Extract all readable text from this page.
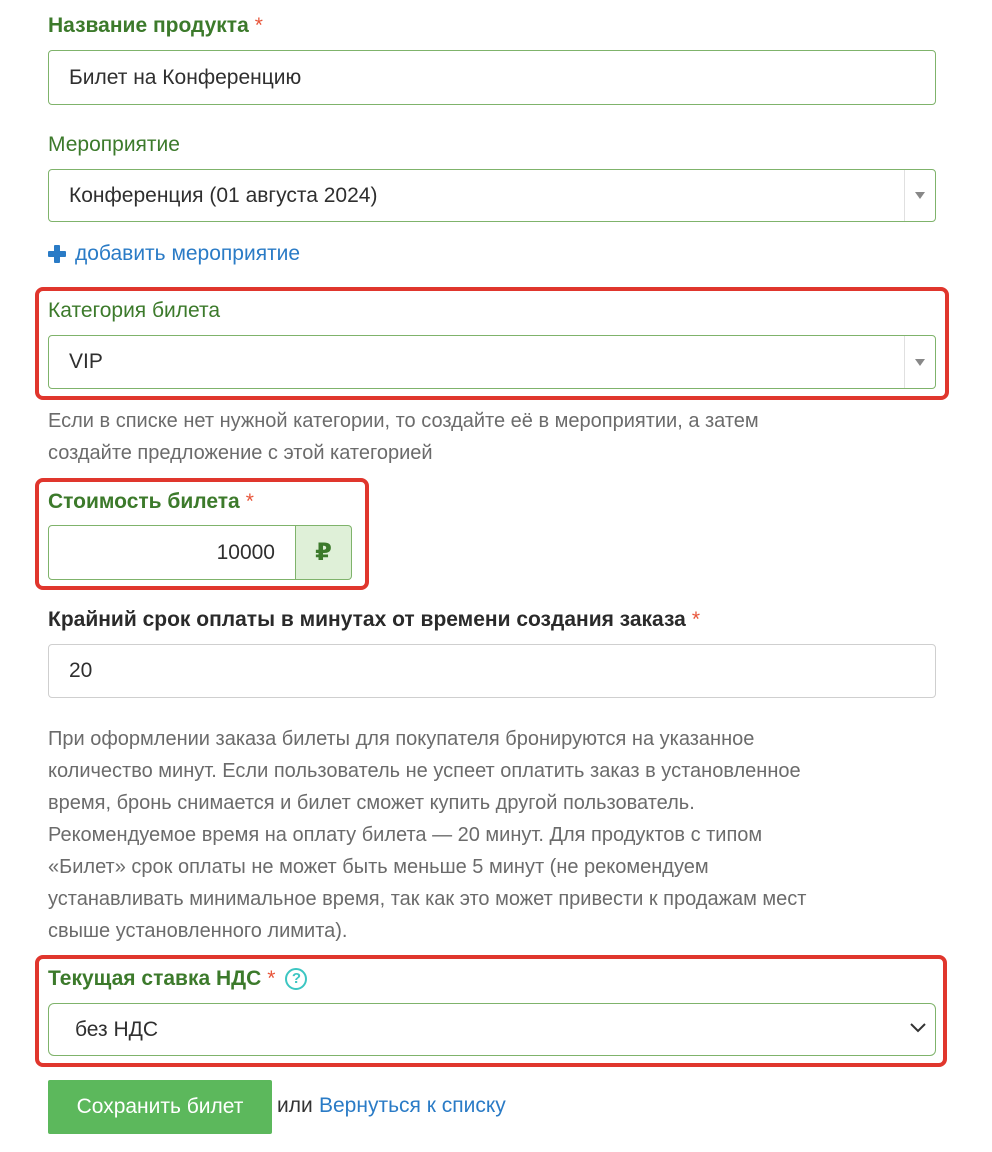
Название продукта *
Билет на Конференцию
Мероприятие
Конференция (01 августа 2024)
добавить мероприятие
Категория билета
VIP
Если в списке нет нужной категории, то создайте её в мероприятии, а затем
создайте предложение с этой категорией
Стоимость билета *
10000	₽
Крайний срок оплаты в минутах от времени создания заказа *
20
При оформлении заказа билеты для покупателя бронируются на указанное
количество минут. Если пользователь не успеет оплатить заказ в установленное
время, бронь снимается и билет сможет купить другой пользователь.
Рекомендуемое время на оплату билета — 20 минут. Для продуктов с типом
«Билет» срок оплаты не может быть меньше 5 минут (не рекомендуем
устанавливать минимальное время, так как это может привести к продажам мест
свыше установленного лимита).
Текущая ставка НДС *	?
без НДС
Сохранить билет	или Вернуться к списку
